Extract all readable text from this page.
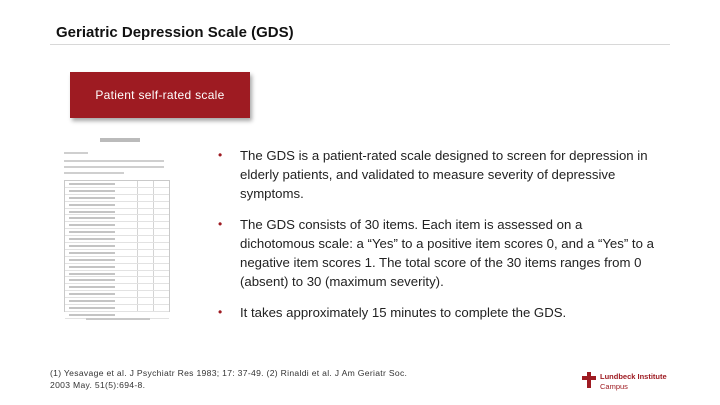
Geriatric Depression Scale (GDS)
Patient self-rated scale
• The GDS is a patient-rated scale designed to screen for depression in elderly patients, and validated to measure severity of depressive symptoms.
• The GDS consists of 30 items. Each item is assessed on a dichotomous scale: a “Yes” to a positive item scores 0, and a “Yes” to a negative item scores 1. The total score of the 30 items ranges from 0 (absent) to 30 (maximum severity).
• It takes approximately 15 minutes to complete the GDS.
(1) Yesavage et al. J Psychiatr Res 1983; 17: 37-49. (2) Rinaldi et al. J Am Geriatr Soc. 2003 May. 51(5):694-8.
Lundbeck Institute
Campus
